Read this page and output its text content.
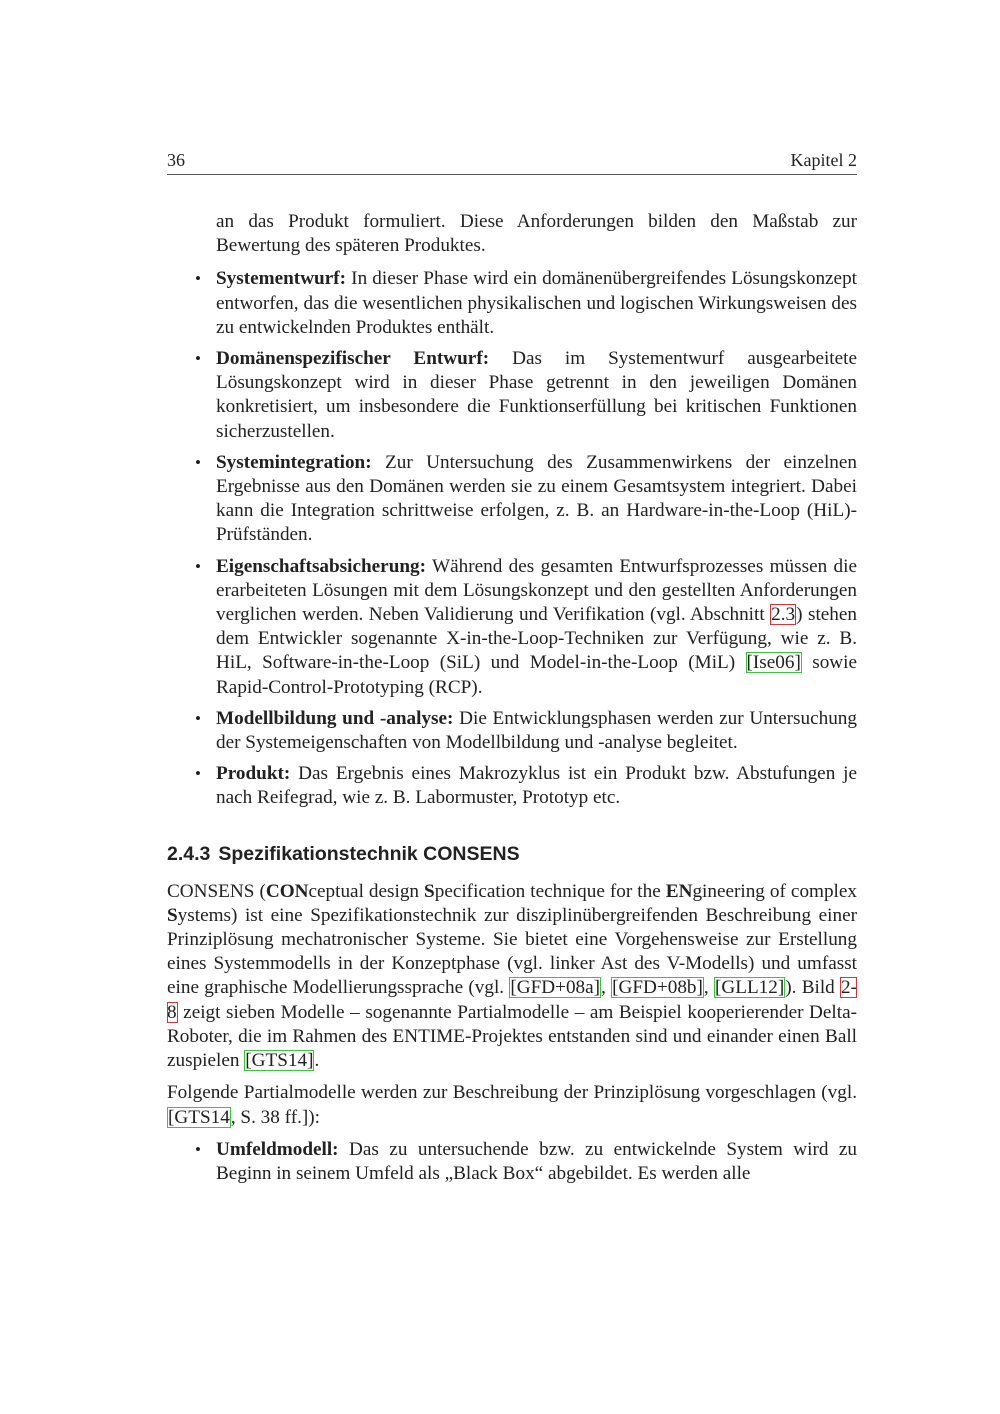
36	Kapitel 2

an das Produkt formuliert. Diese Anforderungen bilden den Maßstab zur Bewertung des späteren Produktes.

• Systementwurf: In dieser Phase wird ein domänenübergreifendes Lösungskonzept entworfen, das die wesentlichen physikalischen und logischen Wirkungsweisen des zu entwickelnden Produktes enthält.
• Domänenspezifischer Entwurf: Das im Systementwurf ausgearbeitete Lösungskonzept wird in dieser Phase getrennt in den jeweiligen Domänen konkretisiert, um insbesondere die Funktionserfüllung bei kritischen Funktionen sicherzustellen.
• Systemintegration: Zur Untersuchung des Zusammenwirkens der einzelnen Ergebnisse aus den Domänen werden sie zu einem Gesamtsystem integriert. Dabei kann die Integration schrittweise erfolgen, z. B. an Hardware-in-the-Loop (HiL)-Prüfständen.
• Eigenschaftsabsicherung: Während des gesamten Entwurfsprozesses müssen die erarbeiteten Lösungen mit dem Lösungskonzept und den gestellten Anforderungen verglichen werden. Neben Validierung und Verifikation (vgl. Abschnitt 2.3) stehen dem Entwickler sogenannte X-in-the-Loop-Techniken zur Verfügung, wie z. B. HiL, Software-in-the-Loop (SiL) und Model-in-the-Loop (MiL) [Ise06] sowie Rapid-Control-Prototyping (RCP).
• Modellbildung und -analyse: Die Entwicklungsphasen werden zur Untersuchung der Systemeigenschaften von Modellbildung und -analyse begleitet.
• Produkt: Das Ergebnis eines Makrozyklus ist ein Produkt bzw. Abstufungen je nach Reifegrad, wie z. B. Labormuster, Prototyp etc.
2.4.3 Spezifikationstechnik CONSENS

CONSENS (CONceptual design Specification technique for the ENgineering of complex Systems) ist eine Spezifikationstechnik zur disziplinübergreifenden Beschreibung einer Prinziplösung mechatronischer Systeme. Sie bietet eine Vorgehensweise zur Erstellung eines Systemmodells in der Konzeptphase (vgl. linker Ast des V-Modells) und umfasst eine graphische Modellierungssprache (vgl. [GFD+08a], [GFD+08b], [GLL12]). Bild 2-8 zeigt sieben Modelle – sogenannte Partialmodelle – am Beispiel kooperierender Delta-Roboter, die im Rahmen des ENTIME-Projektes entstanden sind und einander einen Ball zuspielen [GTS14].

Folgende Partialmodelle werden zur Beschreibung der Prinziplösung vorgeschlagen (vgl. [GTS14, S. 38 ff.]):

• Umfeldmodell: Das zu untersuchende bzw. zu entwickelnde System wird zu Beginn in seinem Umfeld als „Black Box“ abgebildet. Es werden alle
